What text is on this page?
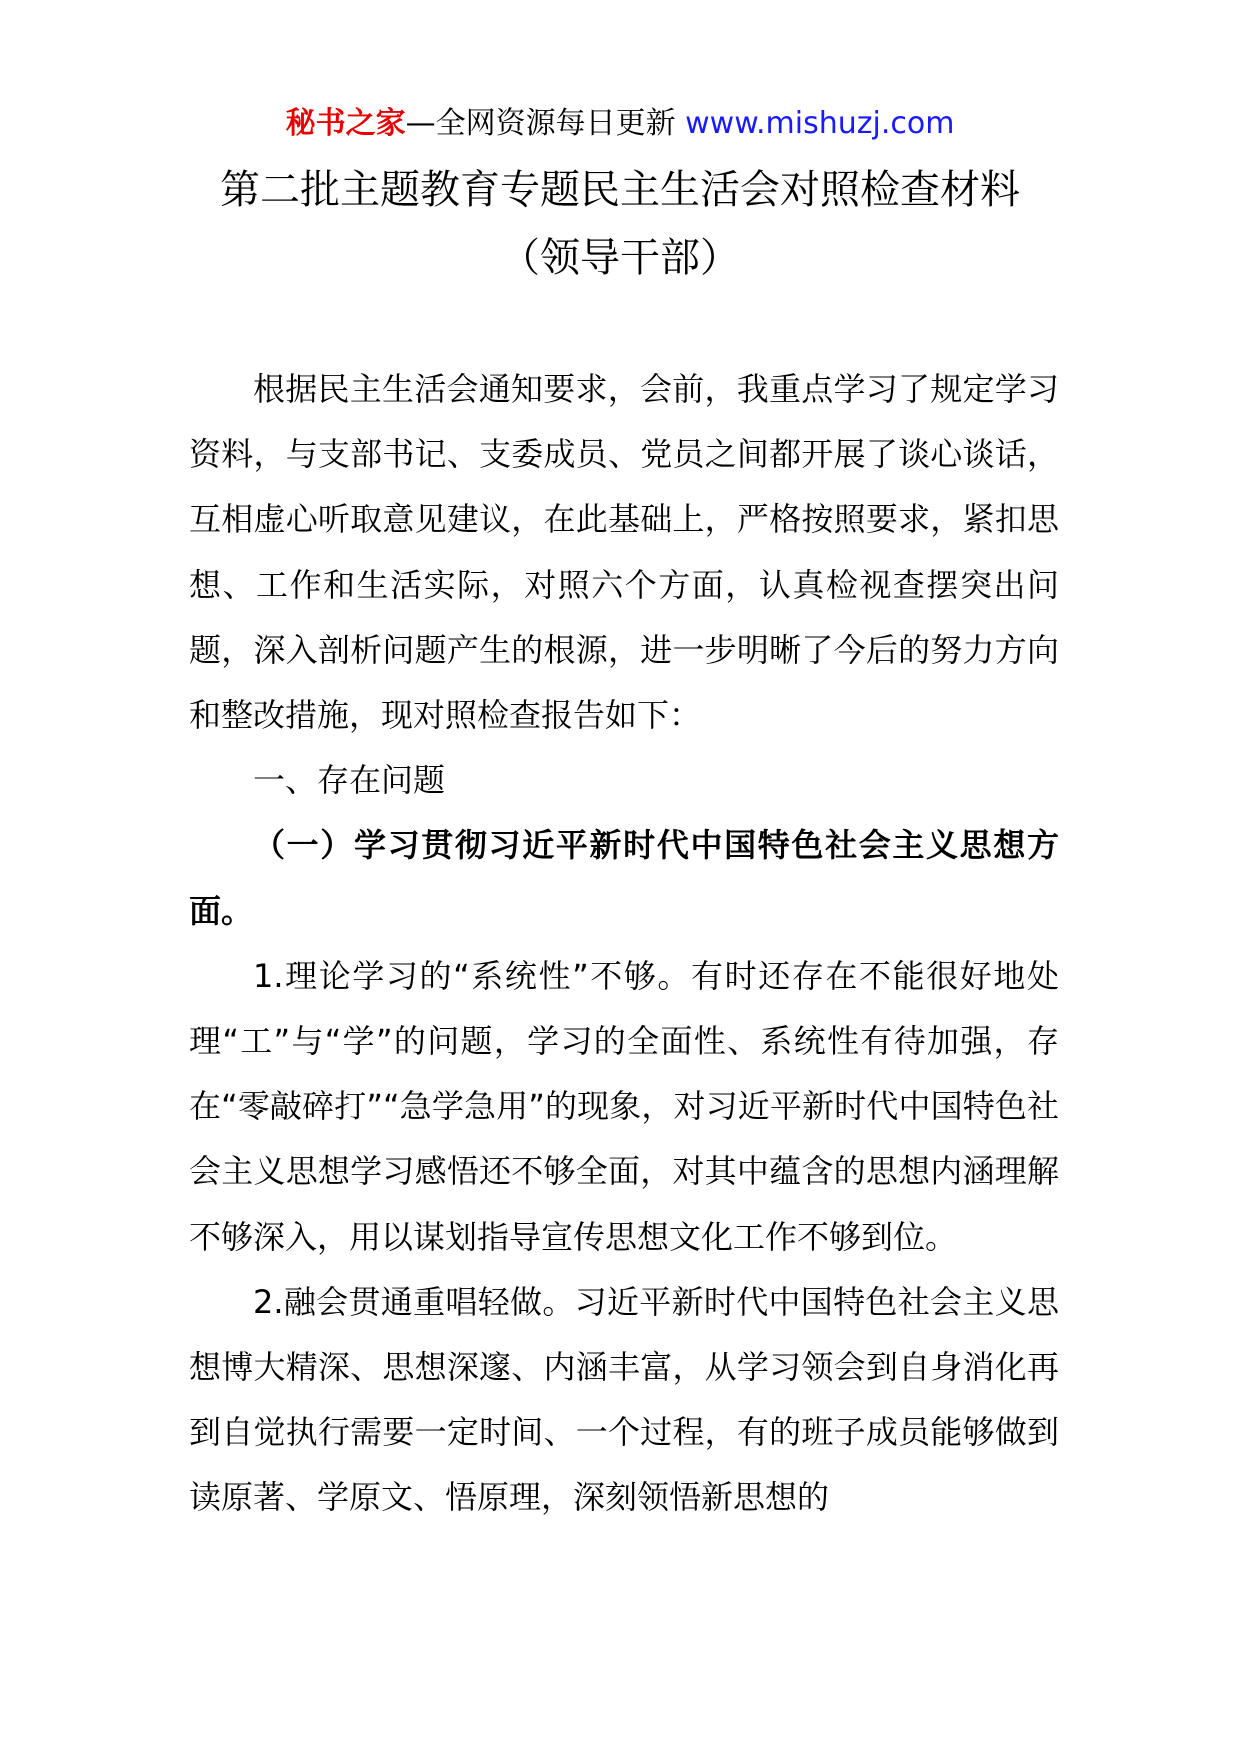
秘书之家—全网资源每日更新 www.mishuzj.com
第二批主题教育专题民主生活会对照检查材料
（领导干部）

根据民主生活会通知要求，会前，我重点学习了规定学习资料，与支部书记、支委成员、党员之间都开展了谈心谈话，互相虚心听取意见建议，在此基础上，严格按照要求，紧扣思想、工作和生活实际，对照六个方面，认真检视查摆突出问题，深入剖析问题产生的根源，进一步明晰了今后的努力方向和整改措施，现对照检查报告如下：

一、存在问题

（一）学习贯彻习近平新时代中国特色社会主义思想方面。

1.理论学习的“系统性”不够。有时还存在不能很好地处理“工”与“学”的问题，学习的全面性、系统性有待加强，存在“零敲碎打”“急学急用”的现象，对习近平新时代中国特色社会主义思想学习感悟还不够全面，对其中蕴含的思想内涵理解不够深入，用以谋划指导宣传思想文化工作不够到位。

2.融会贯通重唱轻做。习近平新时代中国特色社会主义思想博大精深、思想深邃、内涵丰富，从学习领会到自身消化再到自觉执行需要一定时间、一个过程，有的班子成员能够做到读原著、学原文、悟原理，深刻领悟新思想的
